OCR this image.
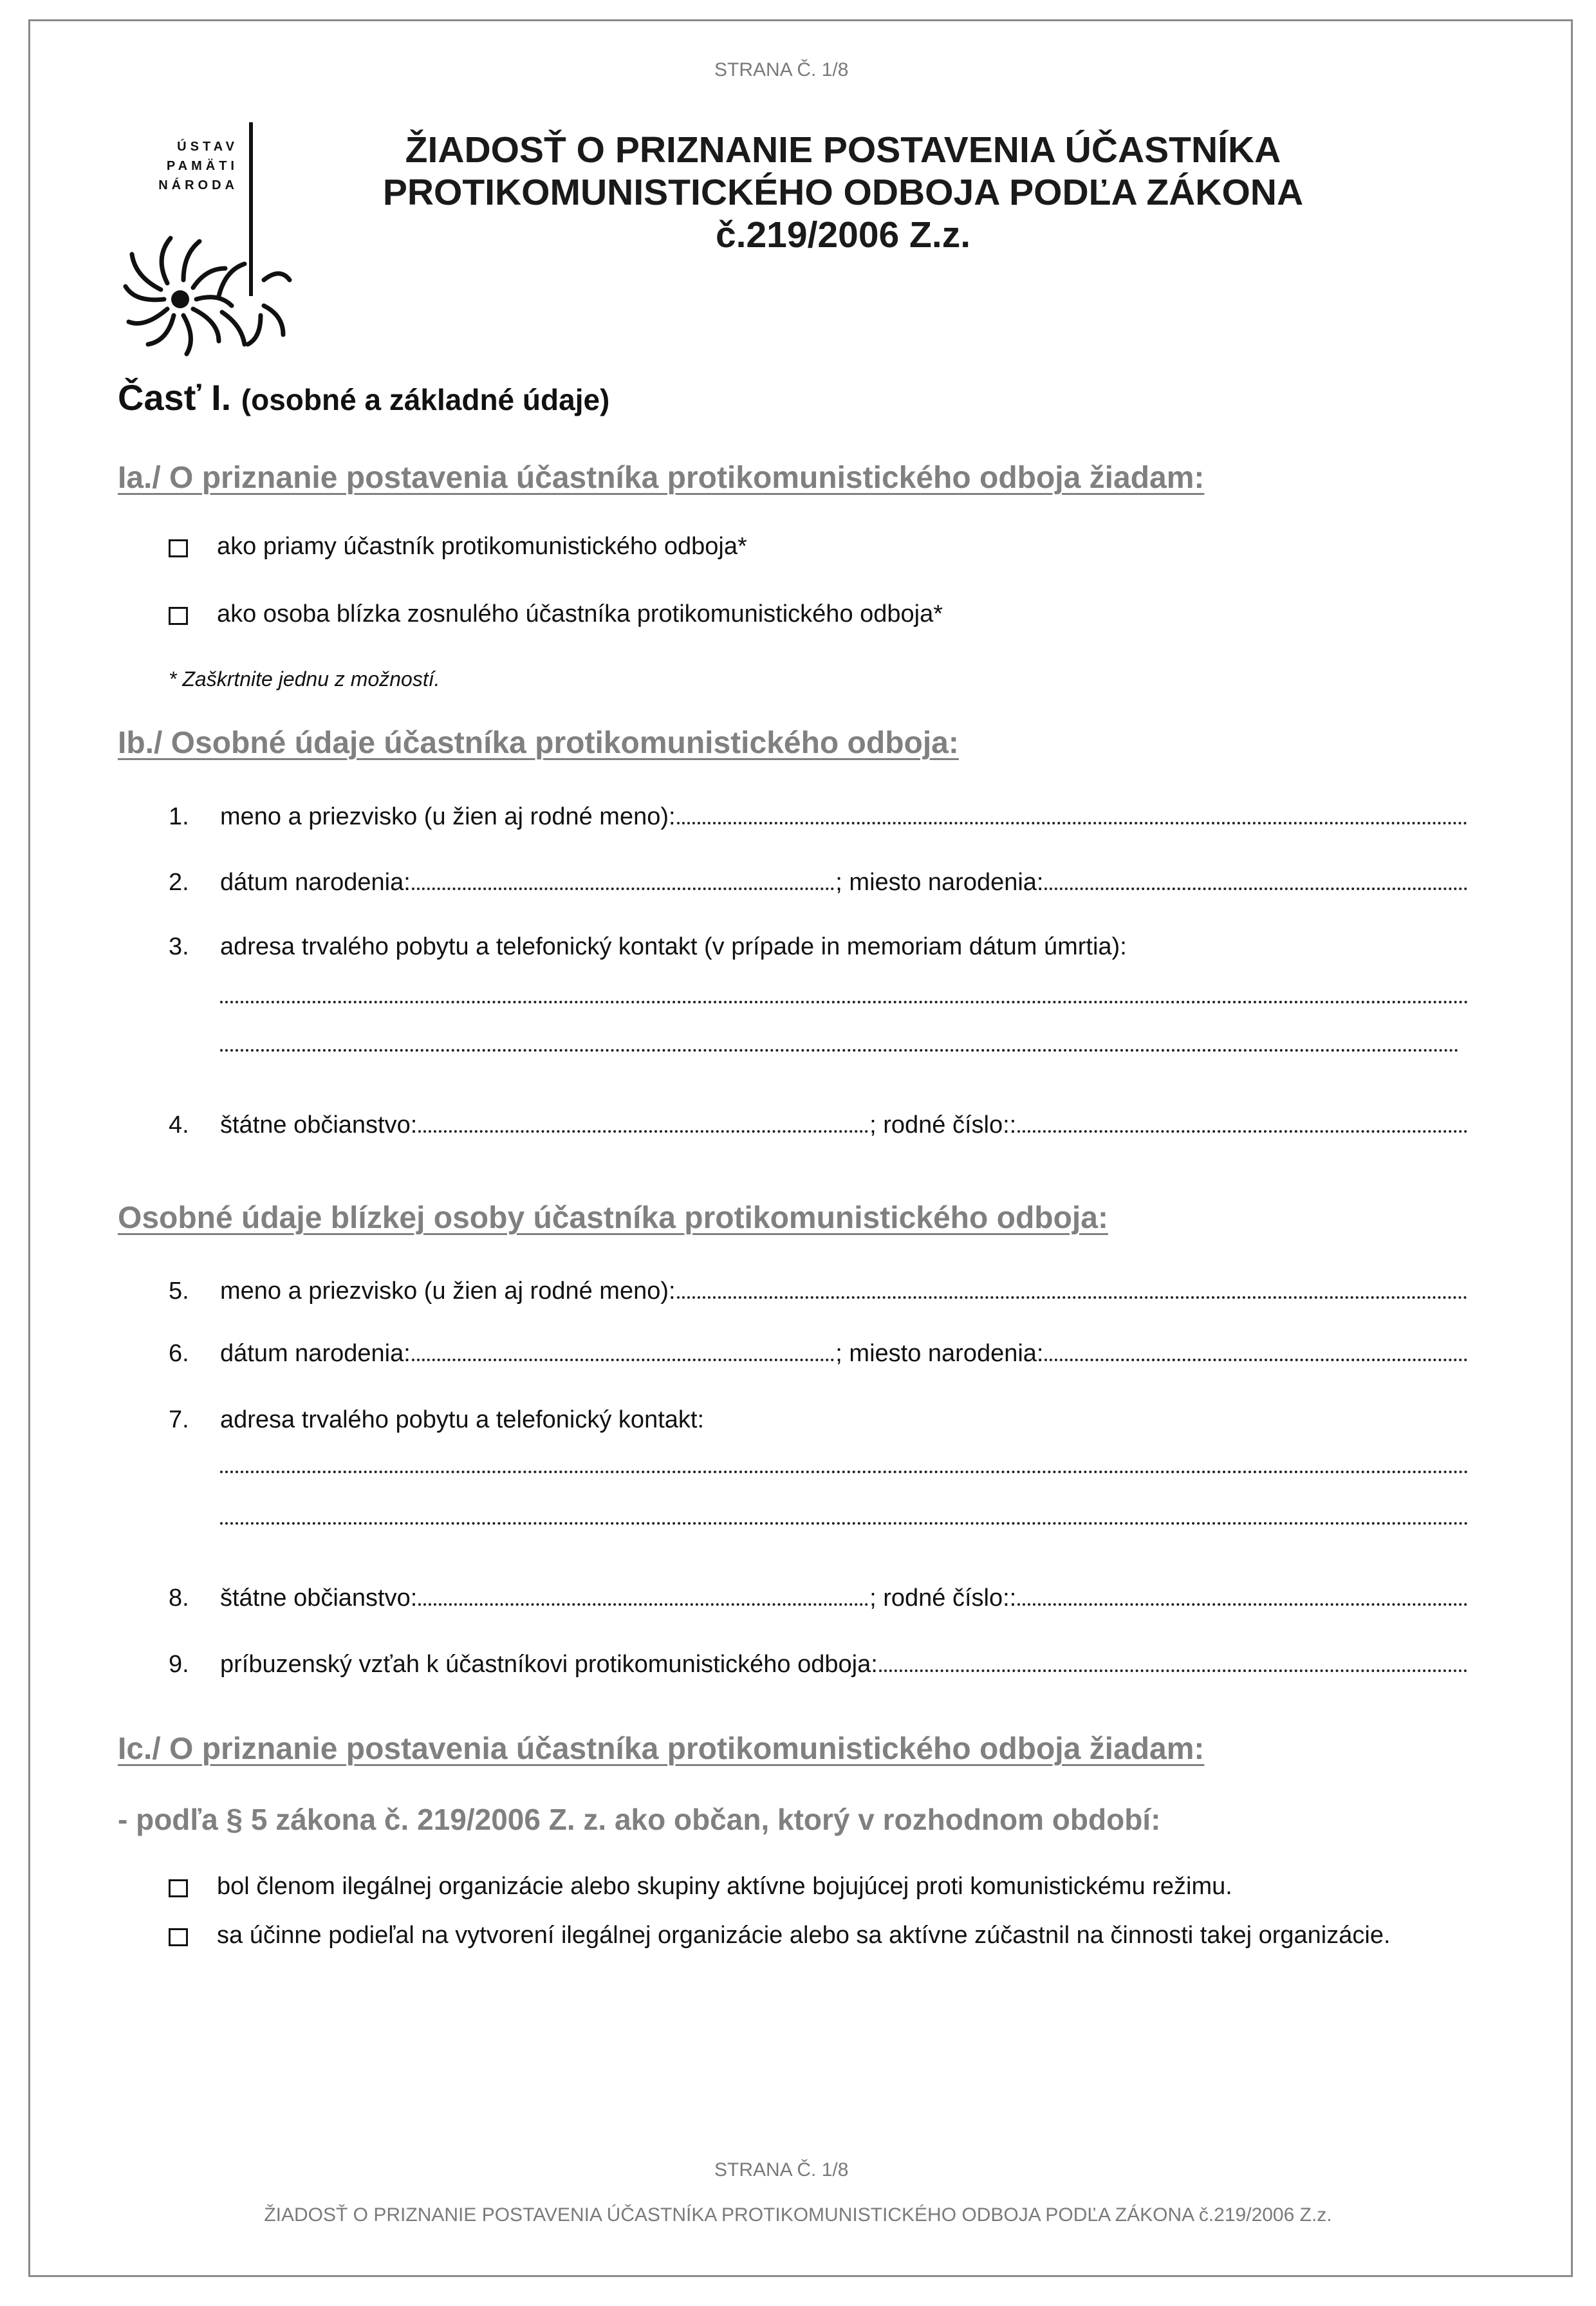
STRANA Č. 1/8
ÚSTAV
PAMÄTI
NÁRODA
ŽIADOSŤ O PRIZNANIE POSTAVENIA ÚČASTNÍKA
PROTIKOMUNISTICKÉHO ODBOJA PODĽA ZÁKONA
č.219/2006 Z.z.
Časť I. (osobné a základné údaje)
Ia./ O priznanie postavenia účastníka protikomunistického odboja žiadam:
ako priamy účastník protikomunistického odboja*
ako osoba blízka zosnulého účastníka protikomunistického odboja*
* Zaškrtnite jednu z možností.
Ib./ Osobné údaje účastníka protikomunistického odboja:
1.	meno a priezvisko (u žien aj rodné meno):
2.	dátum narodenia:	; miesto narodenia:
3.	adresa trvalého pobytu a telefonický kontakt (v prípade in memoriam dátum úmrtia):
4.	štátne občianstvo:	; rodné číslo::
Osobné údaje blízkej osoby účastníka protikomunistického odboja:
5.	meno a priezvisko (u žien aj rodné meno):
6.	dátum narodenia:	; miesto narodenia:
7.	adresa trvalého pobytu a telefonický kontakt:
8.	štátne občianstvo:	; rodné číslo::
9.	príbuzenský vzťah k účastníkovi protikomunistického odboja:
Ic./ O priznanie postavenia účastníka protikomunistického odboja žiadam:
- podľa § 5 zákona č. 219/2006 Z. z. ako občan, ktorý v rozhodnom období:
bol členom ilegálnej organizácie alebo skupiny aktívne bojujúcej proti komunistickému režimu.
sa účinne podieľal na vytvorení ilegálnej organizácie alebo sa aktívne zúčastnil na činnosti takej organizácie.
STRANA Č. 1/8
ŽIADOSŤ O PRIZNANIE POSTAVENIA ÚČASTNÍKA PROTIKOMUNISTICKÉHO ODBOJA PODĽA ZÁKONA č.219/2006 Z.z.
